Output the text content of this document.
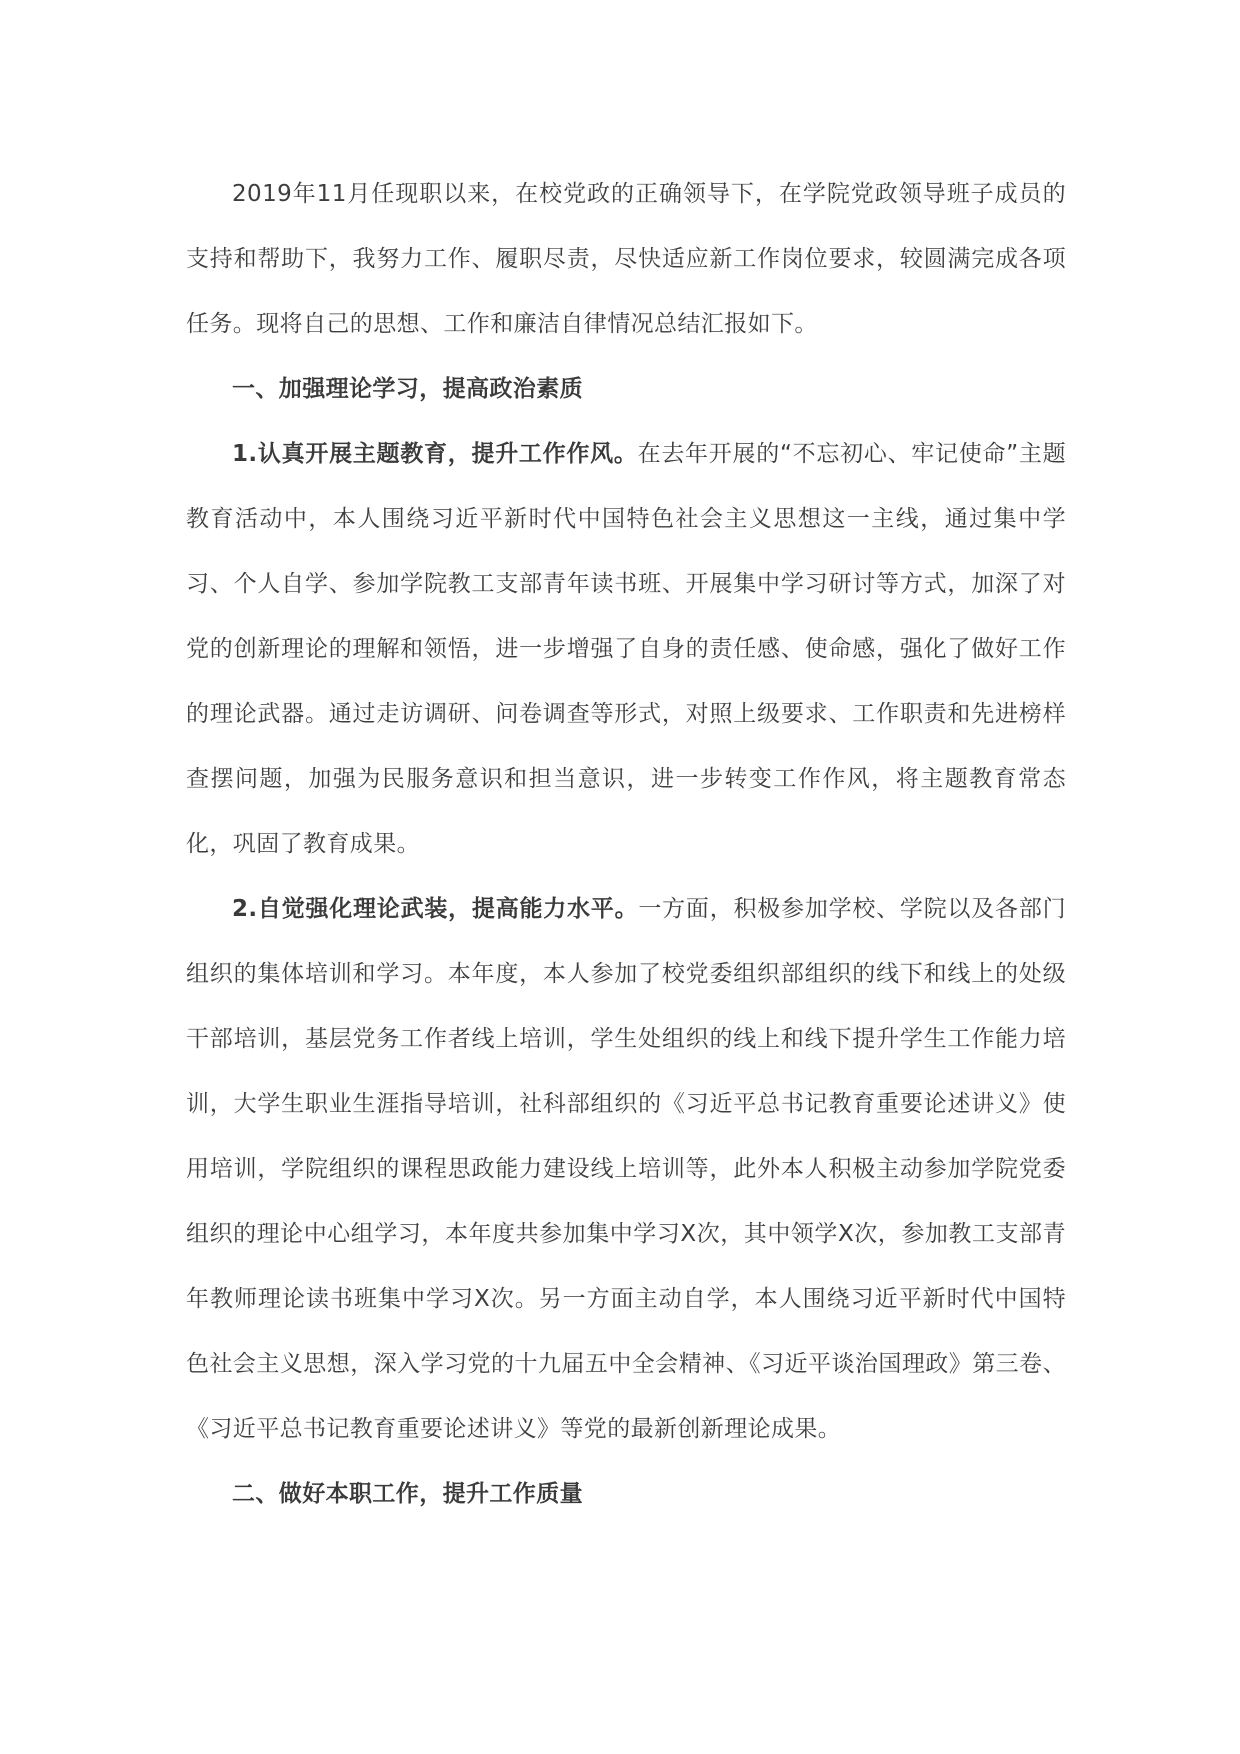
2019年11月任现职以来，在校党政的正确领导下，在学院党政领导班子成员的支持和帮助下，我努力工作、履职尽责，尽快适应新工作岗位要求，较圆满完成各项任务。现将自己的思想、工作和廉洁自律情况总结汇报如下。

一、加强理论学习，提高政治素质

1.认真开展主题教育，提升工作作风。在去年开展的“不忘初心、牢记使命”主题教育活动中，本人围绕习近平新时代中国特色社会主义思想这一主线，通过集中学习、个人自学、参加学院教工支部青年读书班、开展集中学习研讨等方式，加深了对党的创新理论的理解和领悟，进一步增强了自身的责任感、使命感，强化了做好工作的理论武器。通过走访调研、问卷调查等形式，对照上级要求、工作职责和先进榜样查摆问题，加强为民服务意识和担当意识，进一步转变工作作风，将主题教育常态化，巩固了教育成果。

2.自觉强化理论武装，提高能力水平。一方面，积极参加学校、学院以及各部门组织的集体培训和学习。本年度，本人参加了校党委组织部组织的线下和线上的处级干部培训，基层党务工作者线上培训，学生处组织的线上和线下提升学生工作能力培训，大学生职业生涯指导培训，社科部组织的《习近平总书记教育重要论述讲义》使用培训，学院组织的课程思政能力建设线上培训等，此外本人积极主动参加学院党委组织的理论中心组学习，本年度共参加集中学习X次，其中领学X次，参加教工支部青年教师理论读书班集中学习X次。另一方面主动自学，本人围绕习近平新时代中国特色社会主义思想，深入学习党的十九届五中全会精神、《习近平谈治国理政》第三卷、《习近平总书记教育重要论述讲义》等党的最新创新理论成果。

二、做好本职工作，提升工作质量
